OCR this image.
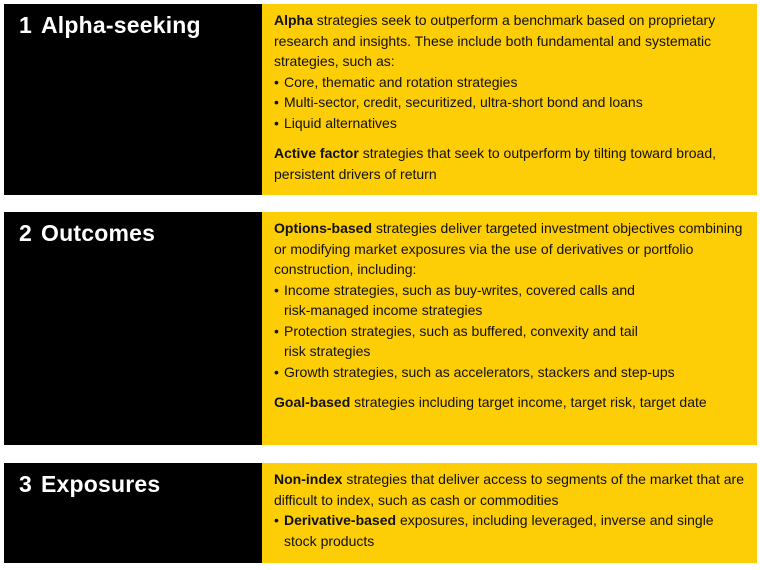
1 Alpha-seeking	Alpha strategies seek to outperform a benchmark based on proprietary research and insights. These include both fundamental and systematic strategies, such as:

• Core, thematic and rotation strategies
• Multi-sector, credit, securitized, ultra-short bond and loans
• Liquid alternatives

Active factor strategies that seek to outperform by tilting toward broad, persistent drivers of return

2 Outcomes	Options-based strategies deliver targeted investment objectives combining or modifying market exposures via the use of derivatives or portfolio construction, including:

• Income strategies, such as buy-writes, covered calls and
risk-managed income strategies
• Protection strategies, such as buffered, convexity and tail
risk strategies
• Growth strategies, such as accelerators, stackers and step-ups

Goal-based strategies including target income, target risk, target date

3 Exposures	Non-index strategies that deliver access to segments of the market that are difficult to index, such as cash or commodities

• Derivative-based exposures, including leveraged, inverse and single stock products
